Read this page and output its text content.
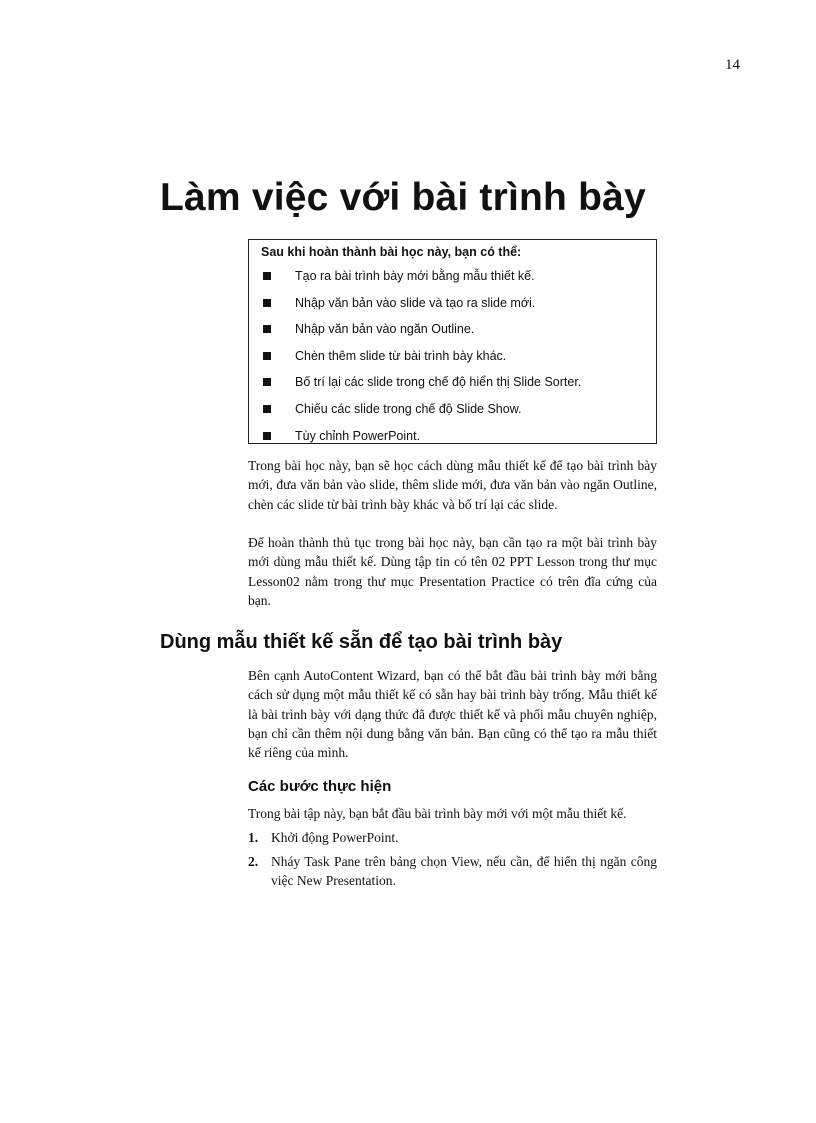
14
Làm việc với bài trình bày
Sau khi hoàn thành bài học này, bạn có thể:
Tạo ra bài trình bày mới bằng mẫu thiết kế.
Nhập văn bản vào slide và tạo ra slide mới.
Nhập văn bản vào ngăn Outline.
Chèn thêm slide từ bài trình bày khác.
Bố trí lại các slide trong chế độ hiển thị Slide Sorter.
Chiếu các slide trong chế độ Slide Show.
Tùy chỉnh PowerPoint.

Trong bài học này, bạn sẽ học cách dùng mẫu thiết kế để tạo bài trình bày mới, đưa văn bản vào slide, thêm slide mới, đưa văn bản vào ngăn Outline, chèn các slide từ bài trình bày khác và bố trí lại các slide.

Để hoàn thành thủ tục trong bài học này, bạn cần tạo ra một bài trình bày mới dùng mẫu thiết kế. Dùng tập tin có tên 02 PPT Lesson trong thư mục Lesson02 nằm trong thư mục Presentation Practice có trên đĩa cứng của bạn.

Dùng mẫu thiết kế sẵn để tạo bài trình bày

Bên cạnh AutoContent Wizard, bạn có thể bắt đầu bài trình bày mới bằng cách sử dụng một mẫu thiết kế có sẵn hay bài trình bày trống. Mẫu thiết kế là bài trình bày với dạng thức đã được thiết kế và phối mẫu chuyên nghiệp, bạn chỉ cần thêm nội dung bằng văn bản. Bạn cũng có thể tạo ra mẫu thiết kế riêng của mình.

Các bước thực hiện

Trong bài tập này, bạn bắt đầu bài trình bày mới với một mẫu thiết kế.

1. Khởi động PowerPoint.
2. Nháy Task Pane trên bảng chọn View, nếu cần, để hiển thị ngăn công việc New Presentation.
